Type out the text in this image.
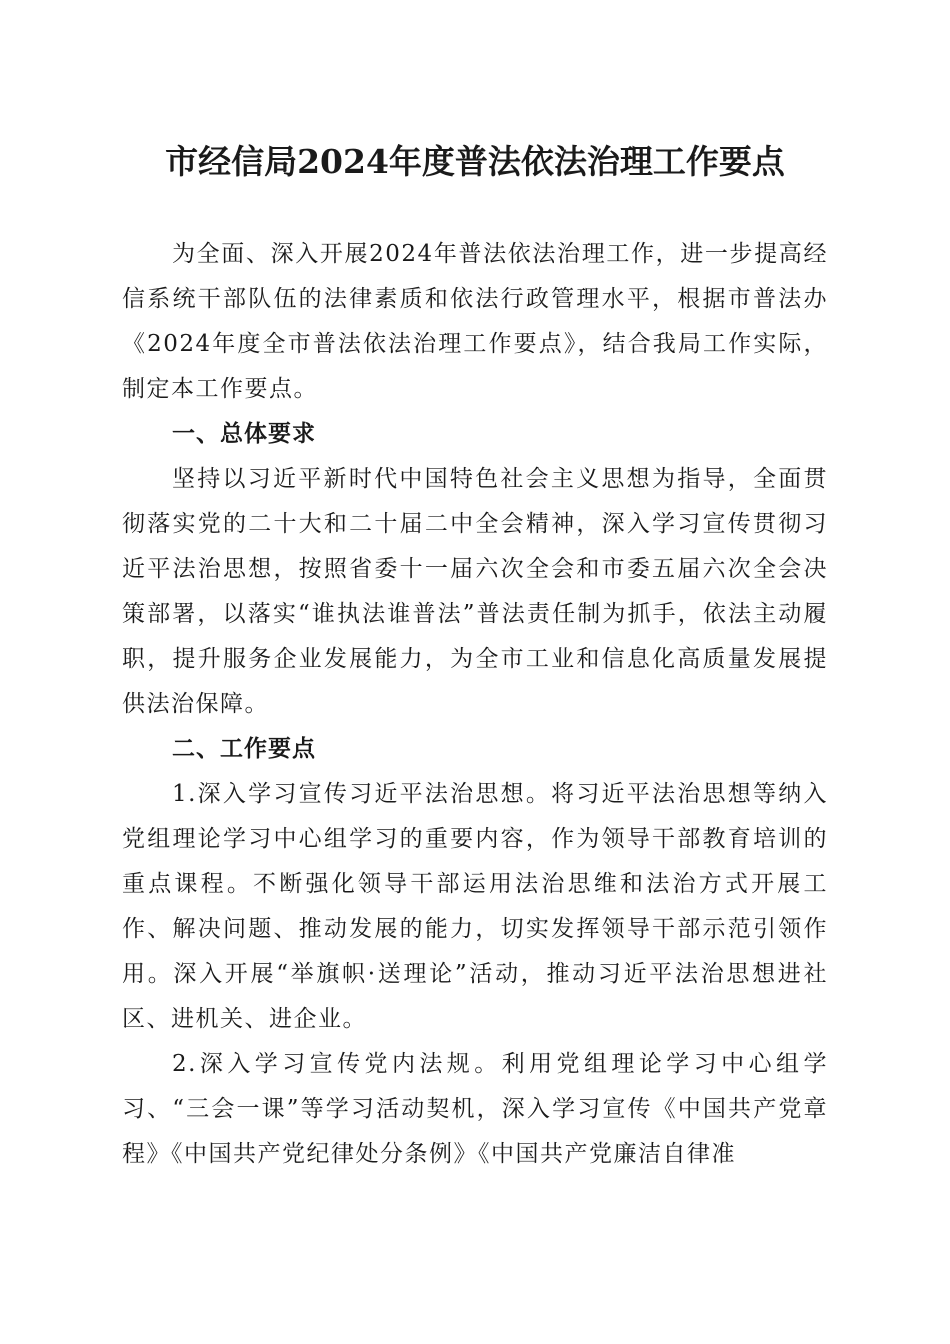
市经信局2024年度普法依法治理工作要点

为全面、深入开展2024年普法依法治理工作，进一步提高经信系统干部队伍的法律素质和依法行政管理水平，根据市普法办《2024年度全市普法依法治理工作要点》，结合我局工作实际，制定本工作要点。

一、总体要求

坚持以习近平新时代中国特色社会主义思想为指导，全面贯彻落实党的二十大和二十届二中全会精神，深入学习宣传贯彻习近平法治思想，按照省委十一届六次全会和市委五届六次全会决策部署，以落实“谁执法谁普法”普法责任制为抓手，依法主动履职，提升服务企业发展能力，为全市工业和信息化高质量发展提供法治保障。

二、工作要点

1.深入学习宣传习近平法治思想。将习近平法治思想等纳入党组理论学习中心组学习的重要内容，作为领导干部教育培训的重点课程。不断强化领导干部运用法治思维和法治方式开展工作、解决问题、推动发展的能力，切实发挥领导干部示范引领作用。深入开展“举旗帜·送理论”活动，推动习近平法治思想进社区、进机关、进企业。

2.深入学习宣传党内法规。利用党组理论学习中心组学习、“三会一课”等学习活动契机，深入学习宣传《中国共产党章程》《中国共产党纪律处分条例》《中国共产党廉洁自律准
